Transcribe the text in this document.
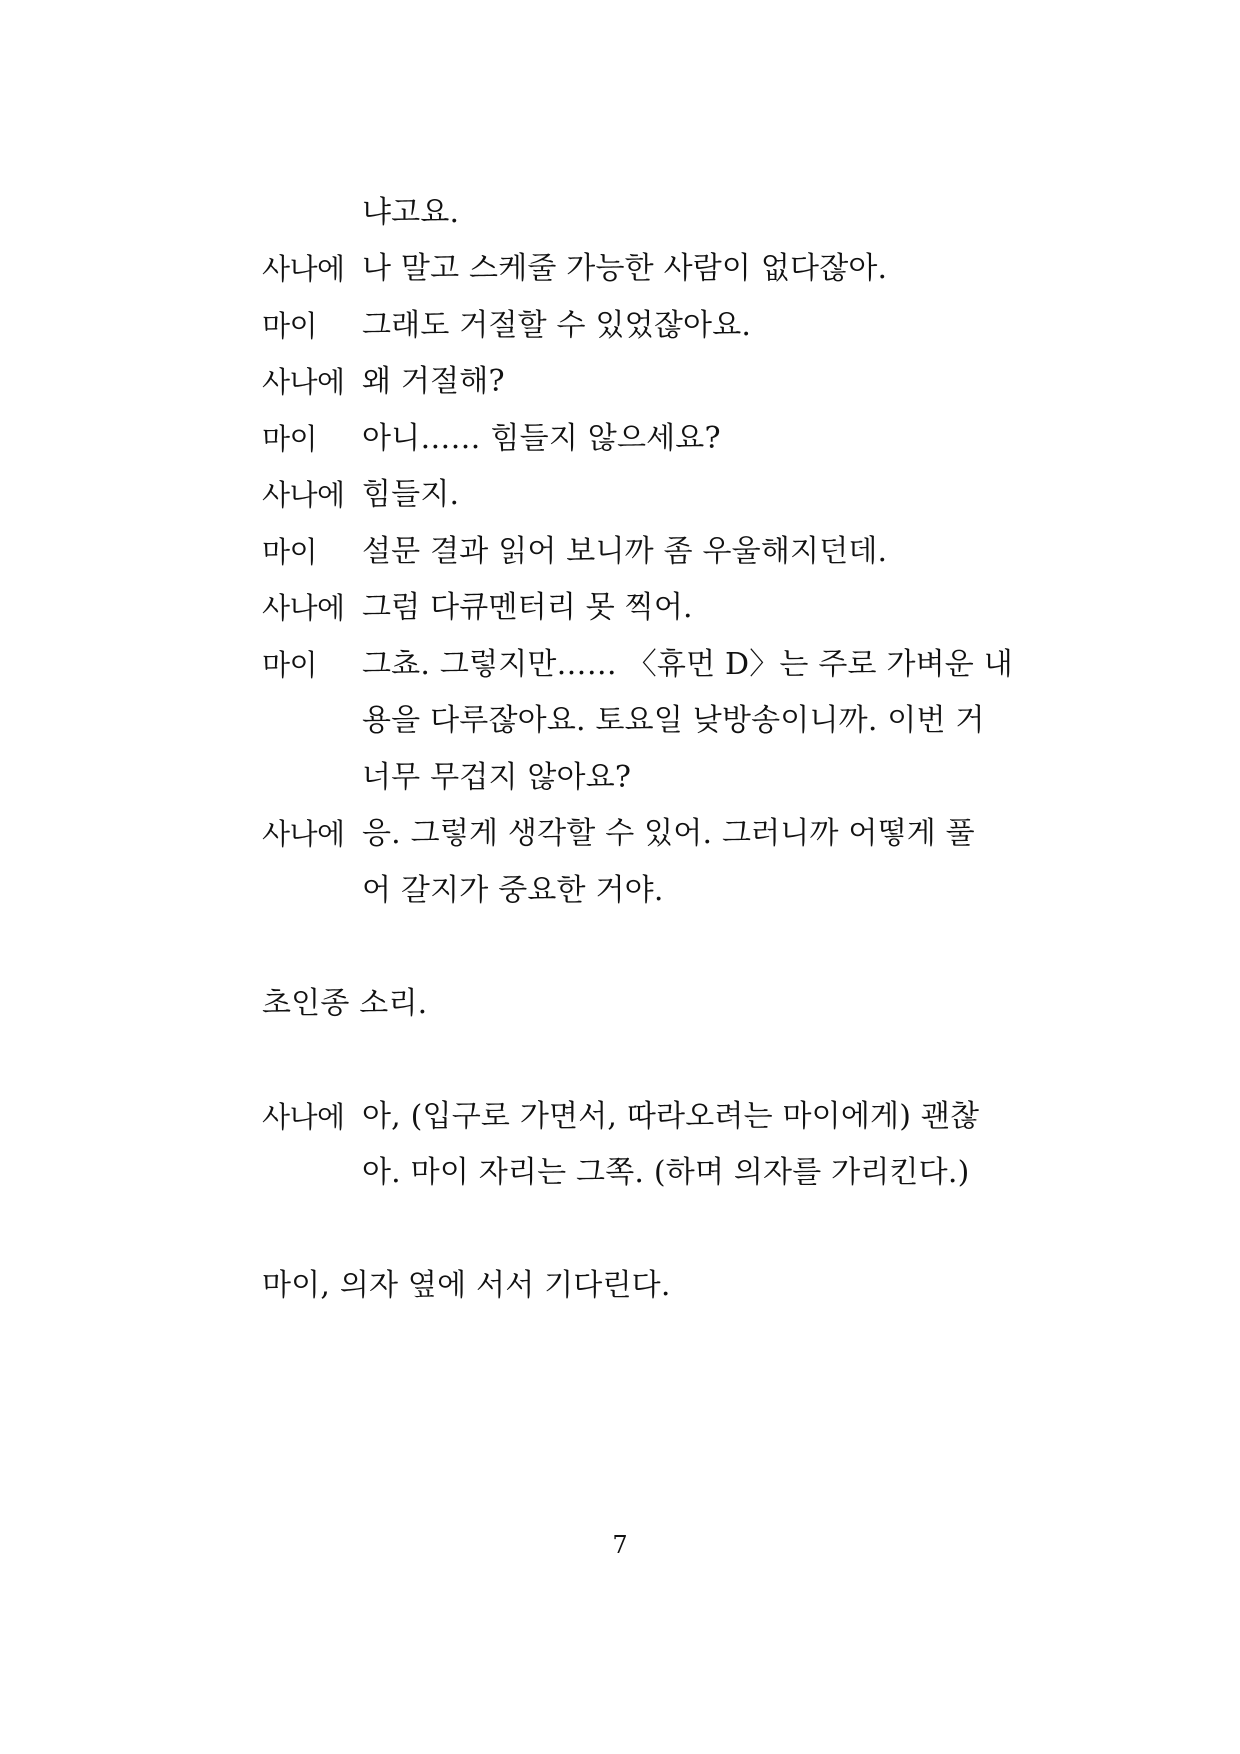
냐고요.
사나에 나 말고 스케줄 가능한 사람이 없다잖아.
마이	그래도 거절할 수 있었잖아요.
사나에 왜 거절해?
마이	아니…… 힘들지 않으세요?
사나에 힘들지.
마이	설문 결과 읽어 보니까 좀 우울해지던데.
사나에 그럼 다큐멘터리 못 찍어.
마이	그쵸. 그렇지만…… 〈휴먼 D〉는 주로 가벼운 내
용을 다루잖아요. 토요일 낮방송이니까. 이번 거
너무 무겁지 않아요?
사나에 응. 그렇게 생각할 수 있어. 그러니까 어떻게 풀
어 갈지가 중요한 거야.
초인종 소리.
사나에 아, (입구로 가면서, 따라오려는 마이에게) 괜찮
아. 마이 자리는 그쪽. (하며 의자를 가리킨다.)
마이, 의자 옆에 서서 기다린다.
7
